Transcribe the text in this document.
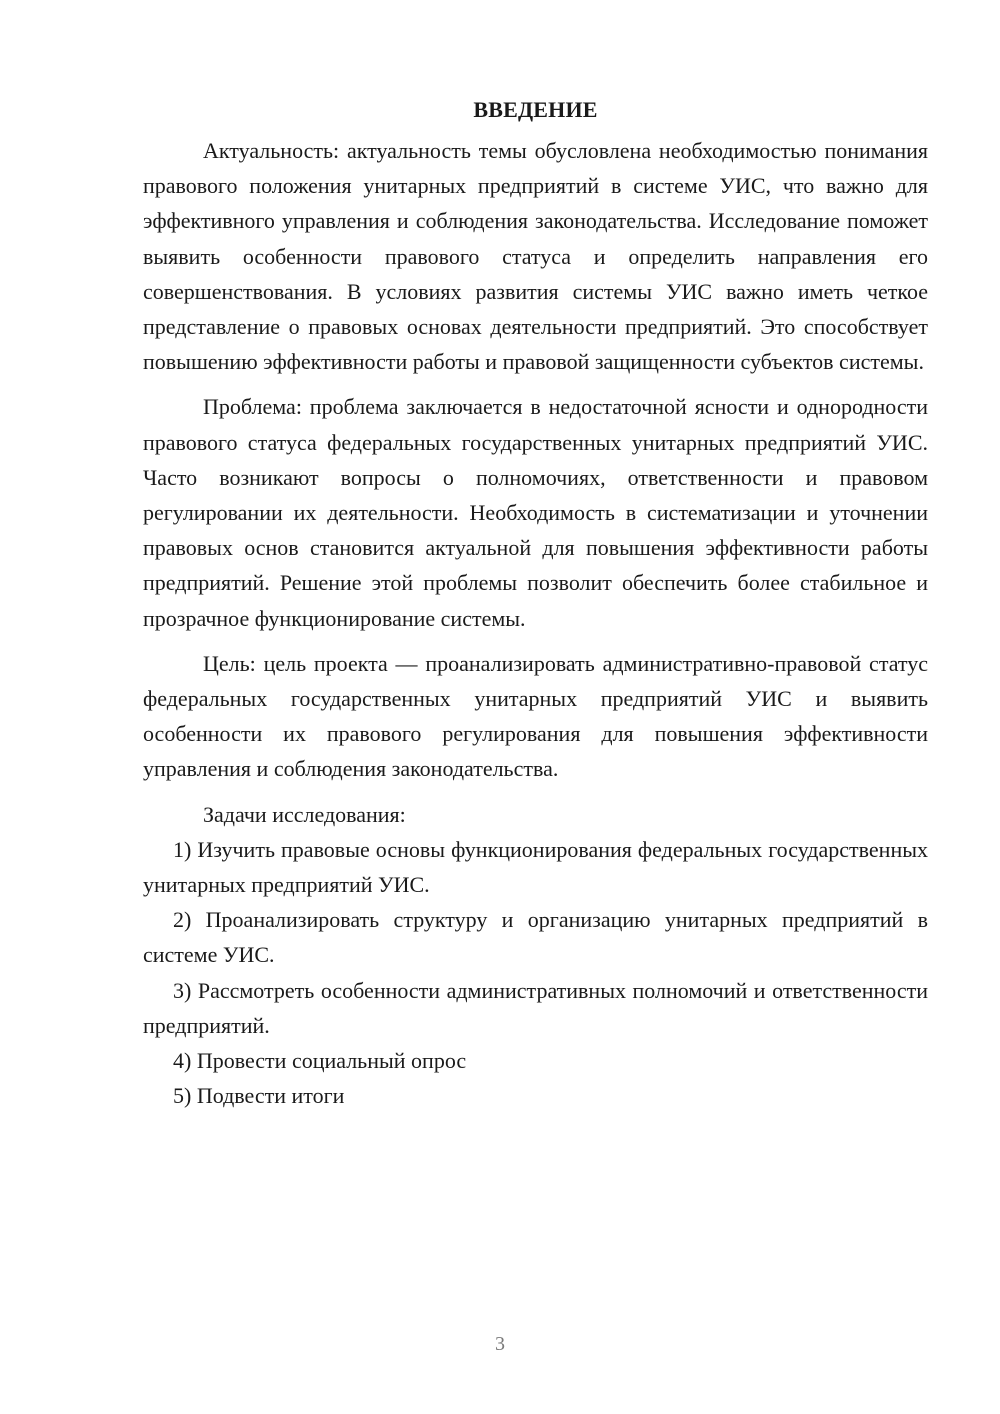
ВВЕДЕНИЕ

Актуальность: актуальность темы обусловлена необходимостью понимания правового положения унитарных предприятий в системе УИС, что важно для эффективного управления и соблюдения законодательства. Исследование поможет выявить особенности правового статуса и определить направления его совершенствования. В условиях развития системы УИС важно иметь четкое представление о правовых основах деятельности предприятий. Это способствует повышению эффективности работы и правовой защищенности субъектов системы.

Проблема: проблема заключается в недостаточной ясности и однородности правового статуса федеральных государственных унитарных предприятий УИС. Часто возникают вопросы о полномочиях, ответственности и правовом регулировании их деятельности. Необходимость в систематизации и уточнении правовых основ становится актуальной для повышения эффективности работы предприятий. Решение этой проблемы позволит обеспечить более стабильное и прозрачное функционирование системы.

Цель: цель проекта — проанализировать административно-правовой статус федеральных государственных унитарных предприятий УИС и выявить особенности их правового регулирования для повышения эффективности управления и соблюдения законодательства.

Задачи исследования:

1) Изучить правовые основы функционирования федеральных государственных унитарных предприятий УИС.

2) Проанализировать структуру и организацию унитарных предприятий в системе УИС.

3) Рассмотреть особенности административных полномочий и ответственности предприятий.

4) Провести социальный опрос

5) Подвести итоги

3
